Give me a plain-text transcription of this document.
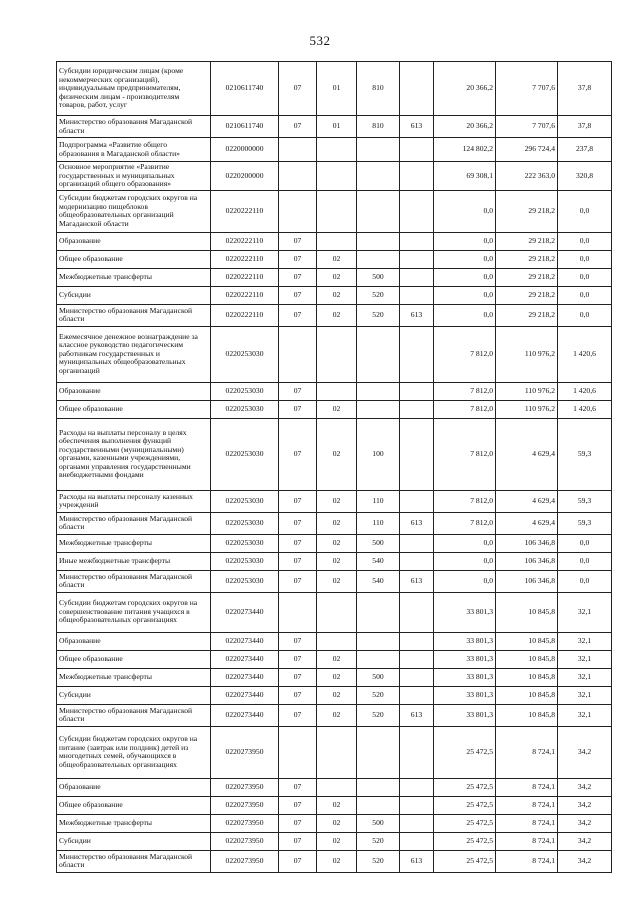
532
Субсидии юридическим лицам (кроме некоммерческих организаций), индивидуальным предпринимателям, физическим лицам - производителям товаров, работ, услуг	0210611740	07	01	810		20 366,2	7 707,6	37,8
Министерство образования Магаданской области	0210611740	07	01	810	613	20 366,2	7 707,6	37,8
Подпрограмма «Развитие общего образования в Магаданской области»	0220000000					124 802,2	296 724,4	237,8
Основное мероприятие «Развитие государственных и муниципальных организаций общего образования»	0220200000					69 308,1	222 363,0	320,8
Субсидии бюджетам городских округов на модернизацию пищеблоков общеобразовательных организаций Магаданской области	0220222110					0,0	29 218,2	0,0
Образование	0220222110	07				0,0	29 218,2	0,0
Общее образование	0220222110	07	02			0,0	29 218,2	0,0
Межбюджетные трансферты	0220222110	07	02	500		0,0	29 218,2	0,0
Субсидии	0220222110	07	02	520		0,0	29 218,2	0,0
Министерство образования Магаданской области	0220222110	07	02	520	613	0,0	29 218,2	0,0
Ежемесячное денежное вознаграждение за классное руководство педагогическим работникам государственных и муниципальных общеобразовательных организаций	0220253030					7 812,0	110 976,2	1 420,6
Образование	0220253030	07				7 812,0	110 976,2	1 420,6
Общее образование	0220253030	07	02			7 812,0	110 976,2	1 420,6
Расходы на выплаты персоналу в целях обеспечения выполнения функций государственными (муниципальными) органами, казенными учреждениями, органами управления государственными внебюджетными фондами	0220253030	07	02	100		7 812,0	4 629,4	59,3
Расходы на выплаты персоналу казенных учреждений	0220253030	07	02	110		7 812,0	4 629,4	59,3
Министерство образования Магаданской области	0220253030	07	02	110	613	7 812,0	4 629,4	59,3
Межбюджетные трансферты	0220253030	07	02	500		0,0	106 346,8	0,0
Иные межбюджетные трансферты	0220253030	07	02	540		0,0	106 346,8	0,0
Министерство образования Магаданской области	0220253030	07	02	540	613	0,0	106 346,8	0,0
Субсидии бюджетам городских округов на совершенствование питания учащихся в общеобразовательных организациях	0220273440					33 801,3	10 845,8	32,1
Образование	0220273440	07				33 801,3	10 845,8	32,1
Общее образование	0220273440	07	02			33 801,3	10 845,8	32,1
Межбюджетные трансферты	0220273440	07	02	500		33 801,3	10 845,8	32,1
Субсидии	0220273440	07	02	520		33 801,3	10 845,8	32,1
Министерство образования Магаданской области	0220273440	07	02	520	613	33 801,3	10 845,8	32,1
Субсидии бюджетам городских округов на питание (завтрак или полдник) детей из многодетных семей, обучающихся в общеобразовательных организациях	0220273950					25 472,5	8 724,1	34,2
Образование	0220273950	07				25 472,5	8 724,1	34,2
Общее образование	0220273950	07	02			25 472,5	8 724,1	34,2
Межбюджетные трансферты	0220273950	07	02	500		25 472,5	8 724,1	34,2
Субсидии	0220273950	07	02	520		25 472,5	8 724,1	34,2
Министерство образования Магаданской области	0220273950	07	02	520	613	25 472,5	8 724,1	34,2
